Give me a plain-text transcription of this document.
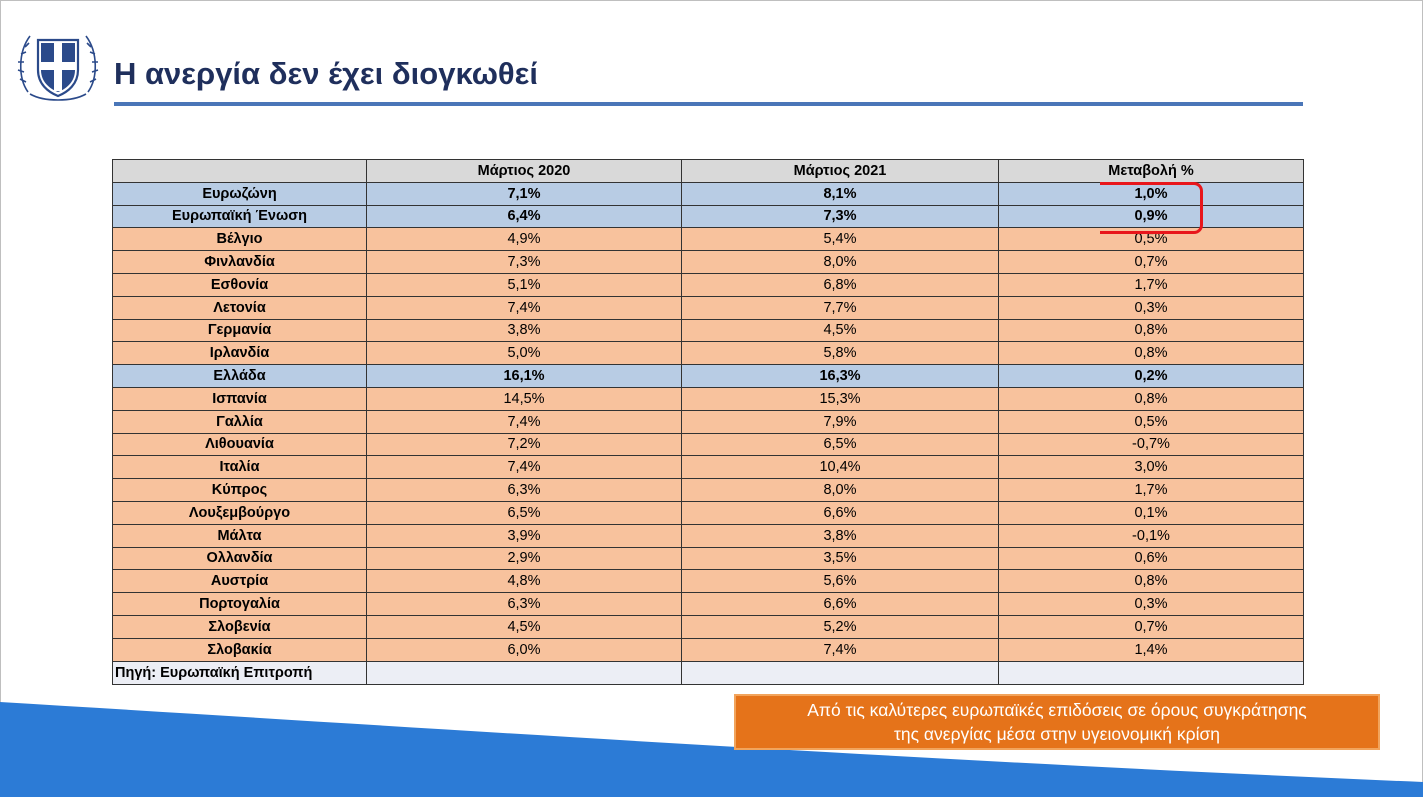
Η ανεργία δεν έχει διογκωθεί
	Μάρτιος 2020	Μάρτιος 2021	Μεταβολή %
Ευρωζώνη	7,1%	8,1%	1,0%
Ευρωπαϊκή Ένωση	6,4%	7,3%	0,9%
Βέλγιο	4,9%	5,4%	0,5%
Φινλανδία	7,3%	8,0%	0,7%
Εσθονία	5,1%	6,8%	1,7%
Λετονία	7,4%	7,7%	0,3%
Γερμανία	3,8%	4,5%	0,8%
Ιρλανδία	5,0%	5,8%	0,8%
Ελλάδα	16,1%	16,3%	0,2%
Ισπανία	14,5%	15,3%	0,8%
Γαλλία	7,4%	7,9%	0,5%
Λιθουανία	7,2%	6,5%	-0,7%
Ιταλία	7,4%	10,4%	3,0%
Κύπρος	6,3%	8,0%	1,7%
Λουξεμβούργο	6,5%	6,6%	0,1%
Μάλτα	3,9%	3,8%	-0,1%
Ολλανδία	2,9%	3,5%	0,6%
Αυστρία	4,8%	5,6%	0,8%
Πορτογαλία	6,3%	6,6%	0,3%
Σλοβενία	4,5%	5,2%	0,7%
Σλοβακία	6,0%	7,4%	1,4%
Πηγή: Ευρωπαϊκή Επιτροπή			
Από τις καλύτερες ευρωπαϊκές επιδόσεις σε όρους συγκράτησης
της ανεργίας μέσα στην υγειονομική κρίση
